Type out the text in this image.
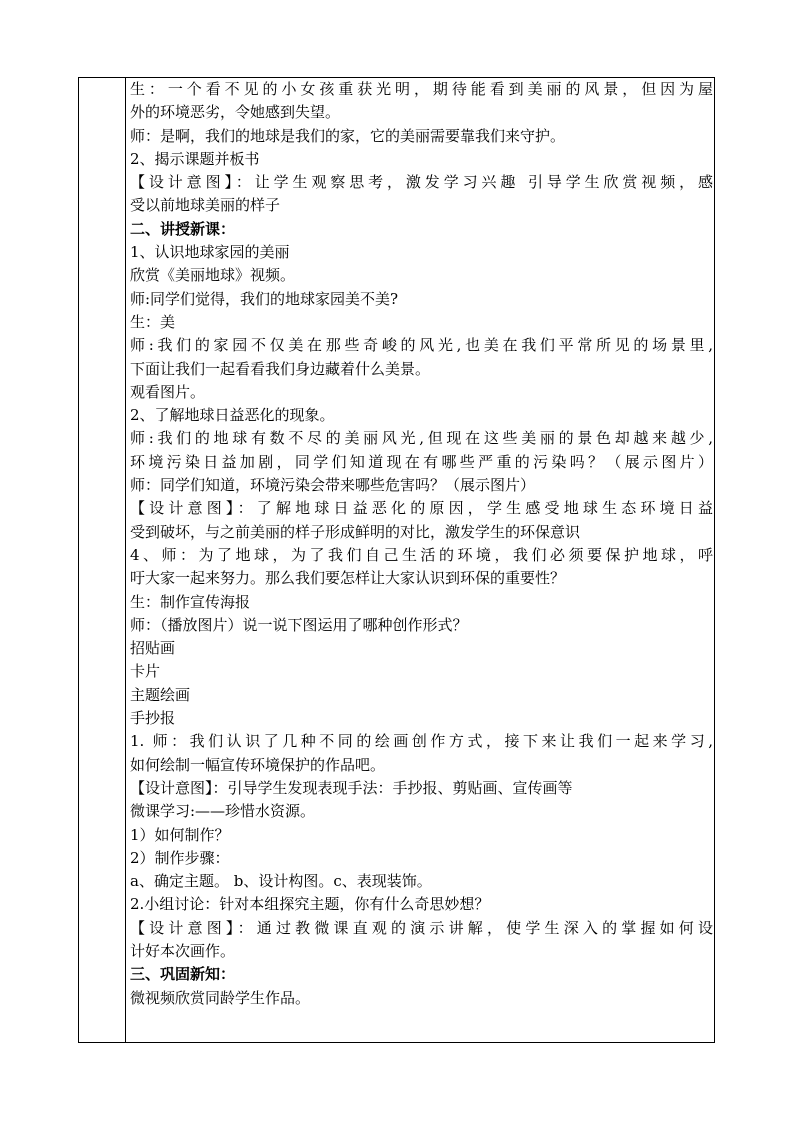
生：一个看不见的小女孩重获光明，期待能看到美丽的风景，但因为屋
外的环境恶劣，令她感到失望。
师：是啊，我们的地球是我们的家，它的美丽需要靠我们来守护。
2、揭示课题并板书
【设计意图】：让学生观察思考，激发学习兴趣 引导学生欣赏视频，感
受以前地球美丽的样子
二、讲授新课：
1、认识地球家园的美丽
欣赏《美丽地球》视频。
师:同学们觉得，我们的地球家园美不美?
生：美
师:我们的家园不仅美在那些奇峻的风光,也美在我们平常所见的场景里,
下面让我们一起看看我们身边藏着什么美景。
观看图片。
2、了解地球日益恶化的现象。
师:我们的地球有数不尽的美丽风光,但现在这些美丽的景色却越来越少,
环境污染日益加剧，同学们知道现在有哪些严重的污染吗？（展示图片）
师：同学们知道，环境污染会带来哪些危害吗？（展示图片）
【设计意图】：了解地球日益恶化的原因，学生感受地球生态环境日益
受到破坏，与之前美丽的样子形成鲜明的对比，激发学生的环保意识
4、师：为了地球，为了我们自己生活的环境，我们必须要保护地球，呼
吁大家一起来努力。那么我们要怎样让大家认识到环保的重要性？
生：制作宣传海报
师：（播放图片）说一说下图运用了哪种创作形式？
招贴画
卡片
主题绘画
手抄报
1. 师：我们认识了几种不同的绘画创作方式，接下来让我们一起来学习,
如何绘制一幅宣传环境保护的作品吧。
【设计意图】：引导学生发现表现手法：手抄报、剪贴画、宣传画等
微课学习:——珍惜水资源。
1）如何制作？
2）制作步骤：
a、确定主题。 b、设计构图。c、表现装饰。
2.小组讨论：针对本组探究主题，你有什么奇思妙想？
【设计意图】：通过教微课直观的演示讲解，使学生深入的掌握如何设
计好本次画作。
三、巩固新知：
微视频欣赏同龄学生作品。
